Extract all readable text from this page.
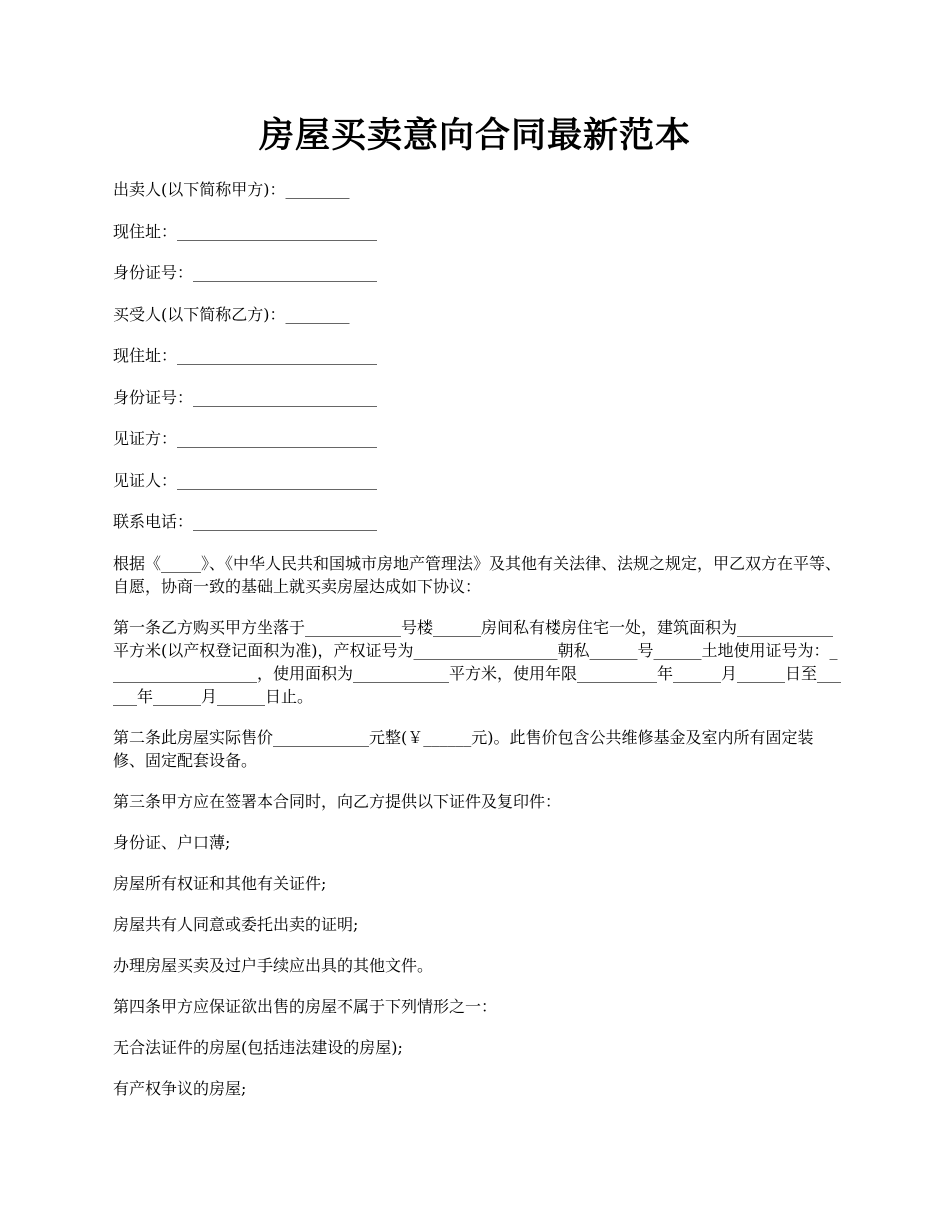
房屋买卖意向合同最新范本
出卖人(以下简称甲方)：________
现住址：_________________________
身份证号：_______________________
买受人(以下简称乙方)：________
现住址：_________________________
身份证号：_______________________
见证方：_________________________
见证人：_________________________
联系电话：_______________________
根据《_____》、《中华人民共和国城市房地产管理法》及其他有关法律、法规之规定，甲乙双方在平等、自愿，协商一致的基础上就买卖房屋达成如下协议：
第一条乙方购买甲方坐落于____________号楼______房间私有楼房住宅一处，建筑面积为____________平方米(以产权登记面积为准)，产权证号为__________________朝私______号______土地使用证号为：___________________，使用面积为____________平方米，使用年限__________年______月______日至______年______月______日止。
第二条此房屋实际售价____________元整(￥______元)。此售价包含公共维修基金及室内所有固定装修、固定配套设备。
第三条甲方应在签署本合同时，向乙方提供以下证件及复印件：
身份证、户口薄;
房屋所有权证和其他有关证件;
房屋共有人同意或委托出卖的证明;
办理房屋买卖及过户手续应出具的其他文件。
第四条甲方应保证欲出售的房屋不属于下列情形之一：
无合法证件的房屋(包括违法建设的房屋);
有产权争议的房屋;
